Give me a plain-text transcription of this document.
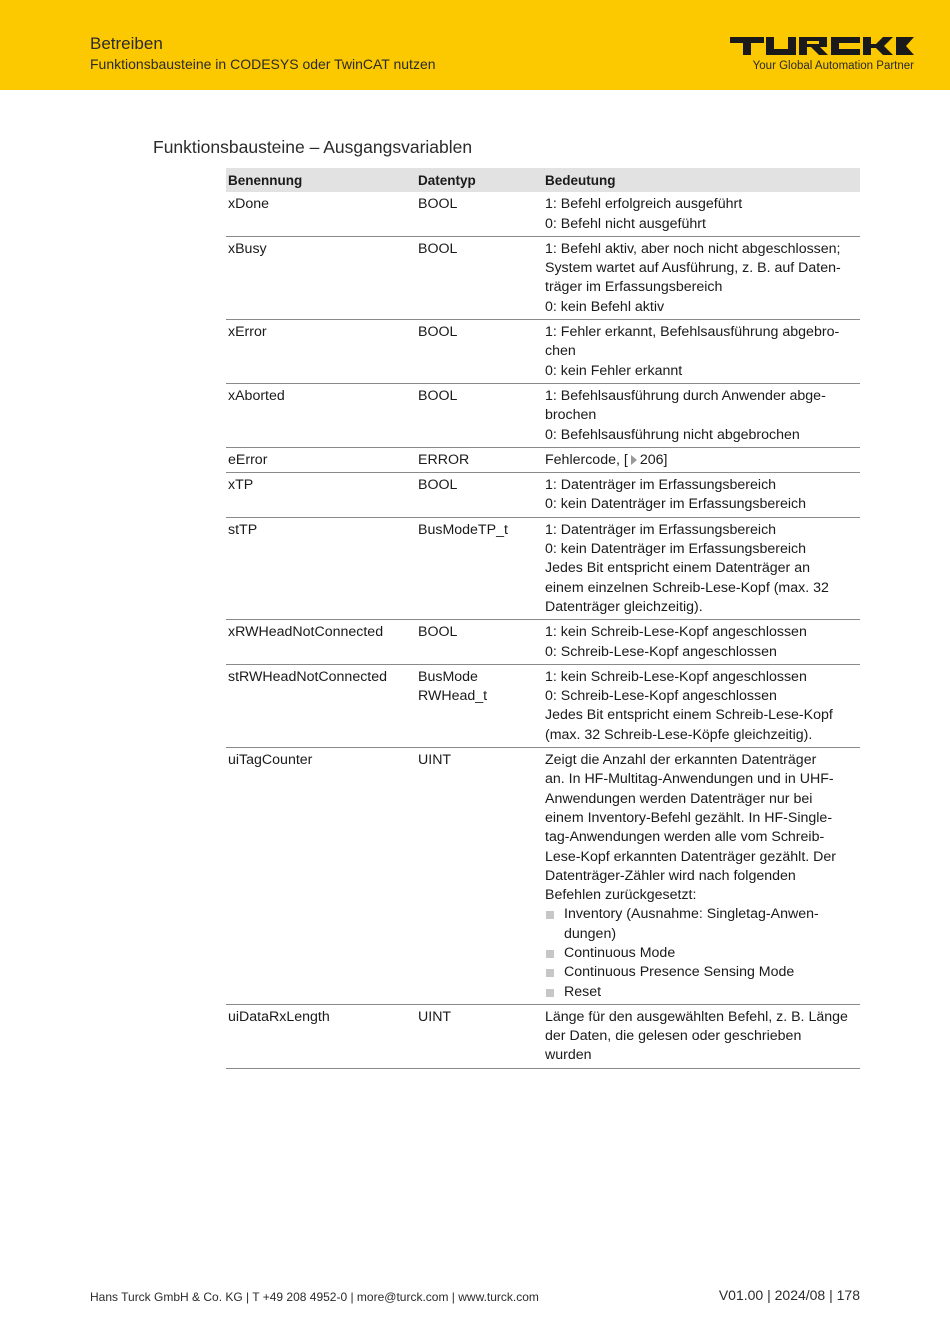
Betreiben
Funktionsbausteine in CODESYS oder TwinCAT nutzen	Your Global Automation Partner
Funktionsbausteine – Ausgangsvariablen
Benennung	Datentyp	Bedeutung
xDone	BOOL	1: Befehl erfolgreich ausgeführt
0: Befehl nicht ausgeführt
xBusy	BOOL	1: Befehl aktiv, aber noch nicht abgeschlossen;
System wartet auf Ausführung, z. B. auf Daten-
träger im Erfassungsbereich
0: kein Befehl aktiv
xError	BOOL	1: Fehler erkannt, Befehlsausführung abgebro-
chen
0: kein Fehler erkannt
xAborted	BOOL	1: Befehlsausführung durch Anwender abge-
brochen
0: Befehlsausführung nicht abgebrochen
eError	ERROR	Fehlercode, [ 206]
xTP	BOOL	1: Datenträger im Erfassungsbereich
0: kein Datenträger im Erfassungsbereich
stTP	BusModeTP_t	1: Datenträger im Erfassungsbereich
0: kein Datenträger im Erfassungsbereich
Jedes Bit entspricht einem Datenträger an
einem einzelnen Schreib-Lese-Kopf (max. 32
Datenträger gleichzeitig).
xRWHeadNotConnected	BOOL	1: kein Schreib-Lese-Kopf angeschlossen
0: Schreib-Lese-Kopf angeschlossen
stRWHeadNotConnected	BusMode
RWHead_t
1: kein Schreib-Lese-Kopf angeschlossen
0: Schreib-Lese-Kopf angeschlossen
Jedes Bit entspricht einem Schreib-Lese-Kopf
(max. 32 Schreib-Lese-Köpfe gleichzeitig).
uiTagCounter	UINT	Zeigt die Anzahl der erkannten Datenträger
an. In HF-Multitag-Anwendungen und in UHF-
Anwendungen werden Datenträger nur bei
einem Inventory-Befehl gezählt. In HF-Single-
tag-Anwendungen werden alle vom Schreib-
Lese-Kopf erkannten Datenträger gezählt. Der
Datenträger-Zähler wird nach folgenden
Befehlen zurückgesetzt:
Inventory (Ausnahme: Singletag-Anwen-
dungen)
Continuous Mode
Continuous Presence Sensing Mode
Reset
uiDataRxLength	UINT	Länge für den ausgewählten Befehl, z. B. Länge
der Daten, die gelesen oder geschrieben
wurden
Hans Turck GmbH & Co. KG | T +49 208 4952-0 | more@turck.com | www.turck.com	V01.00 | 2024/08 | 178
